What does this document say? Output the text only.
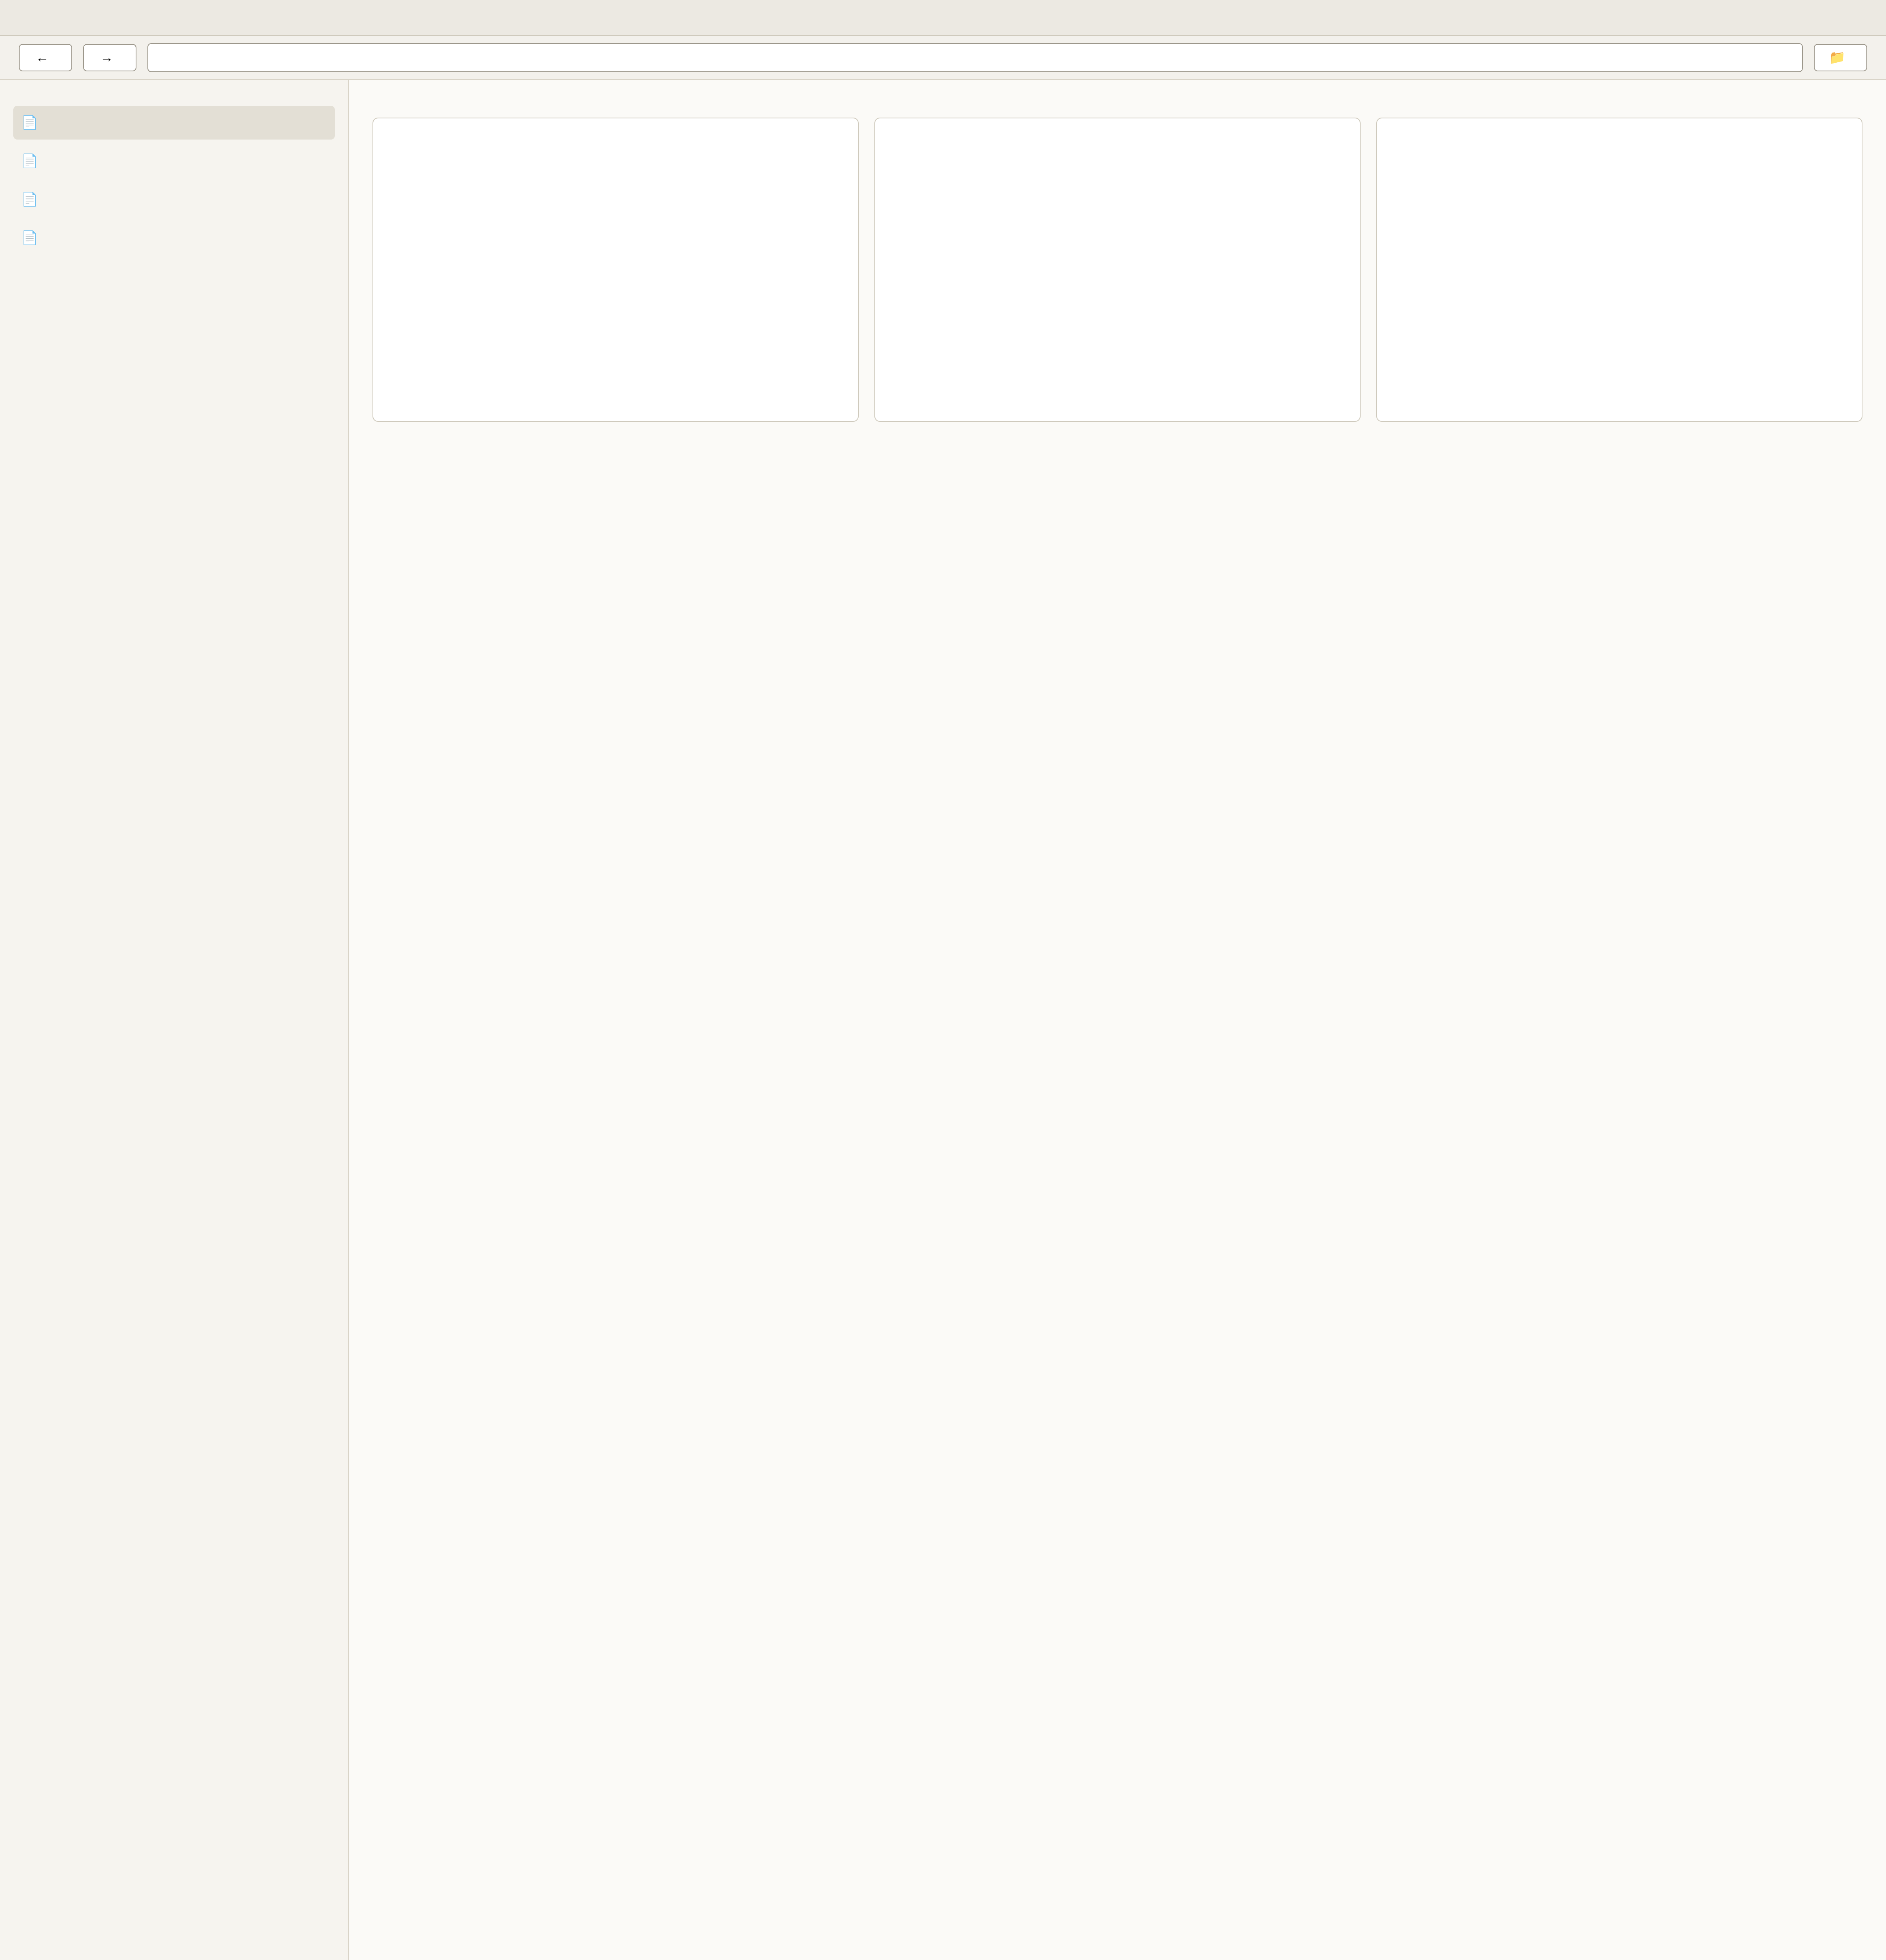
←	→	📁
📄
📄
📄
📄
